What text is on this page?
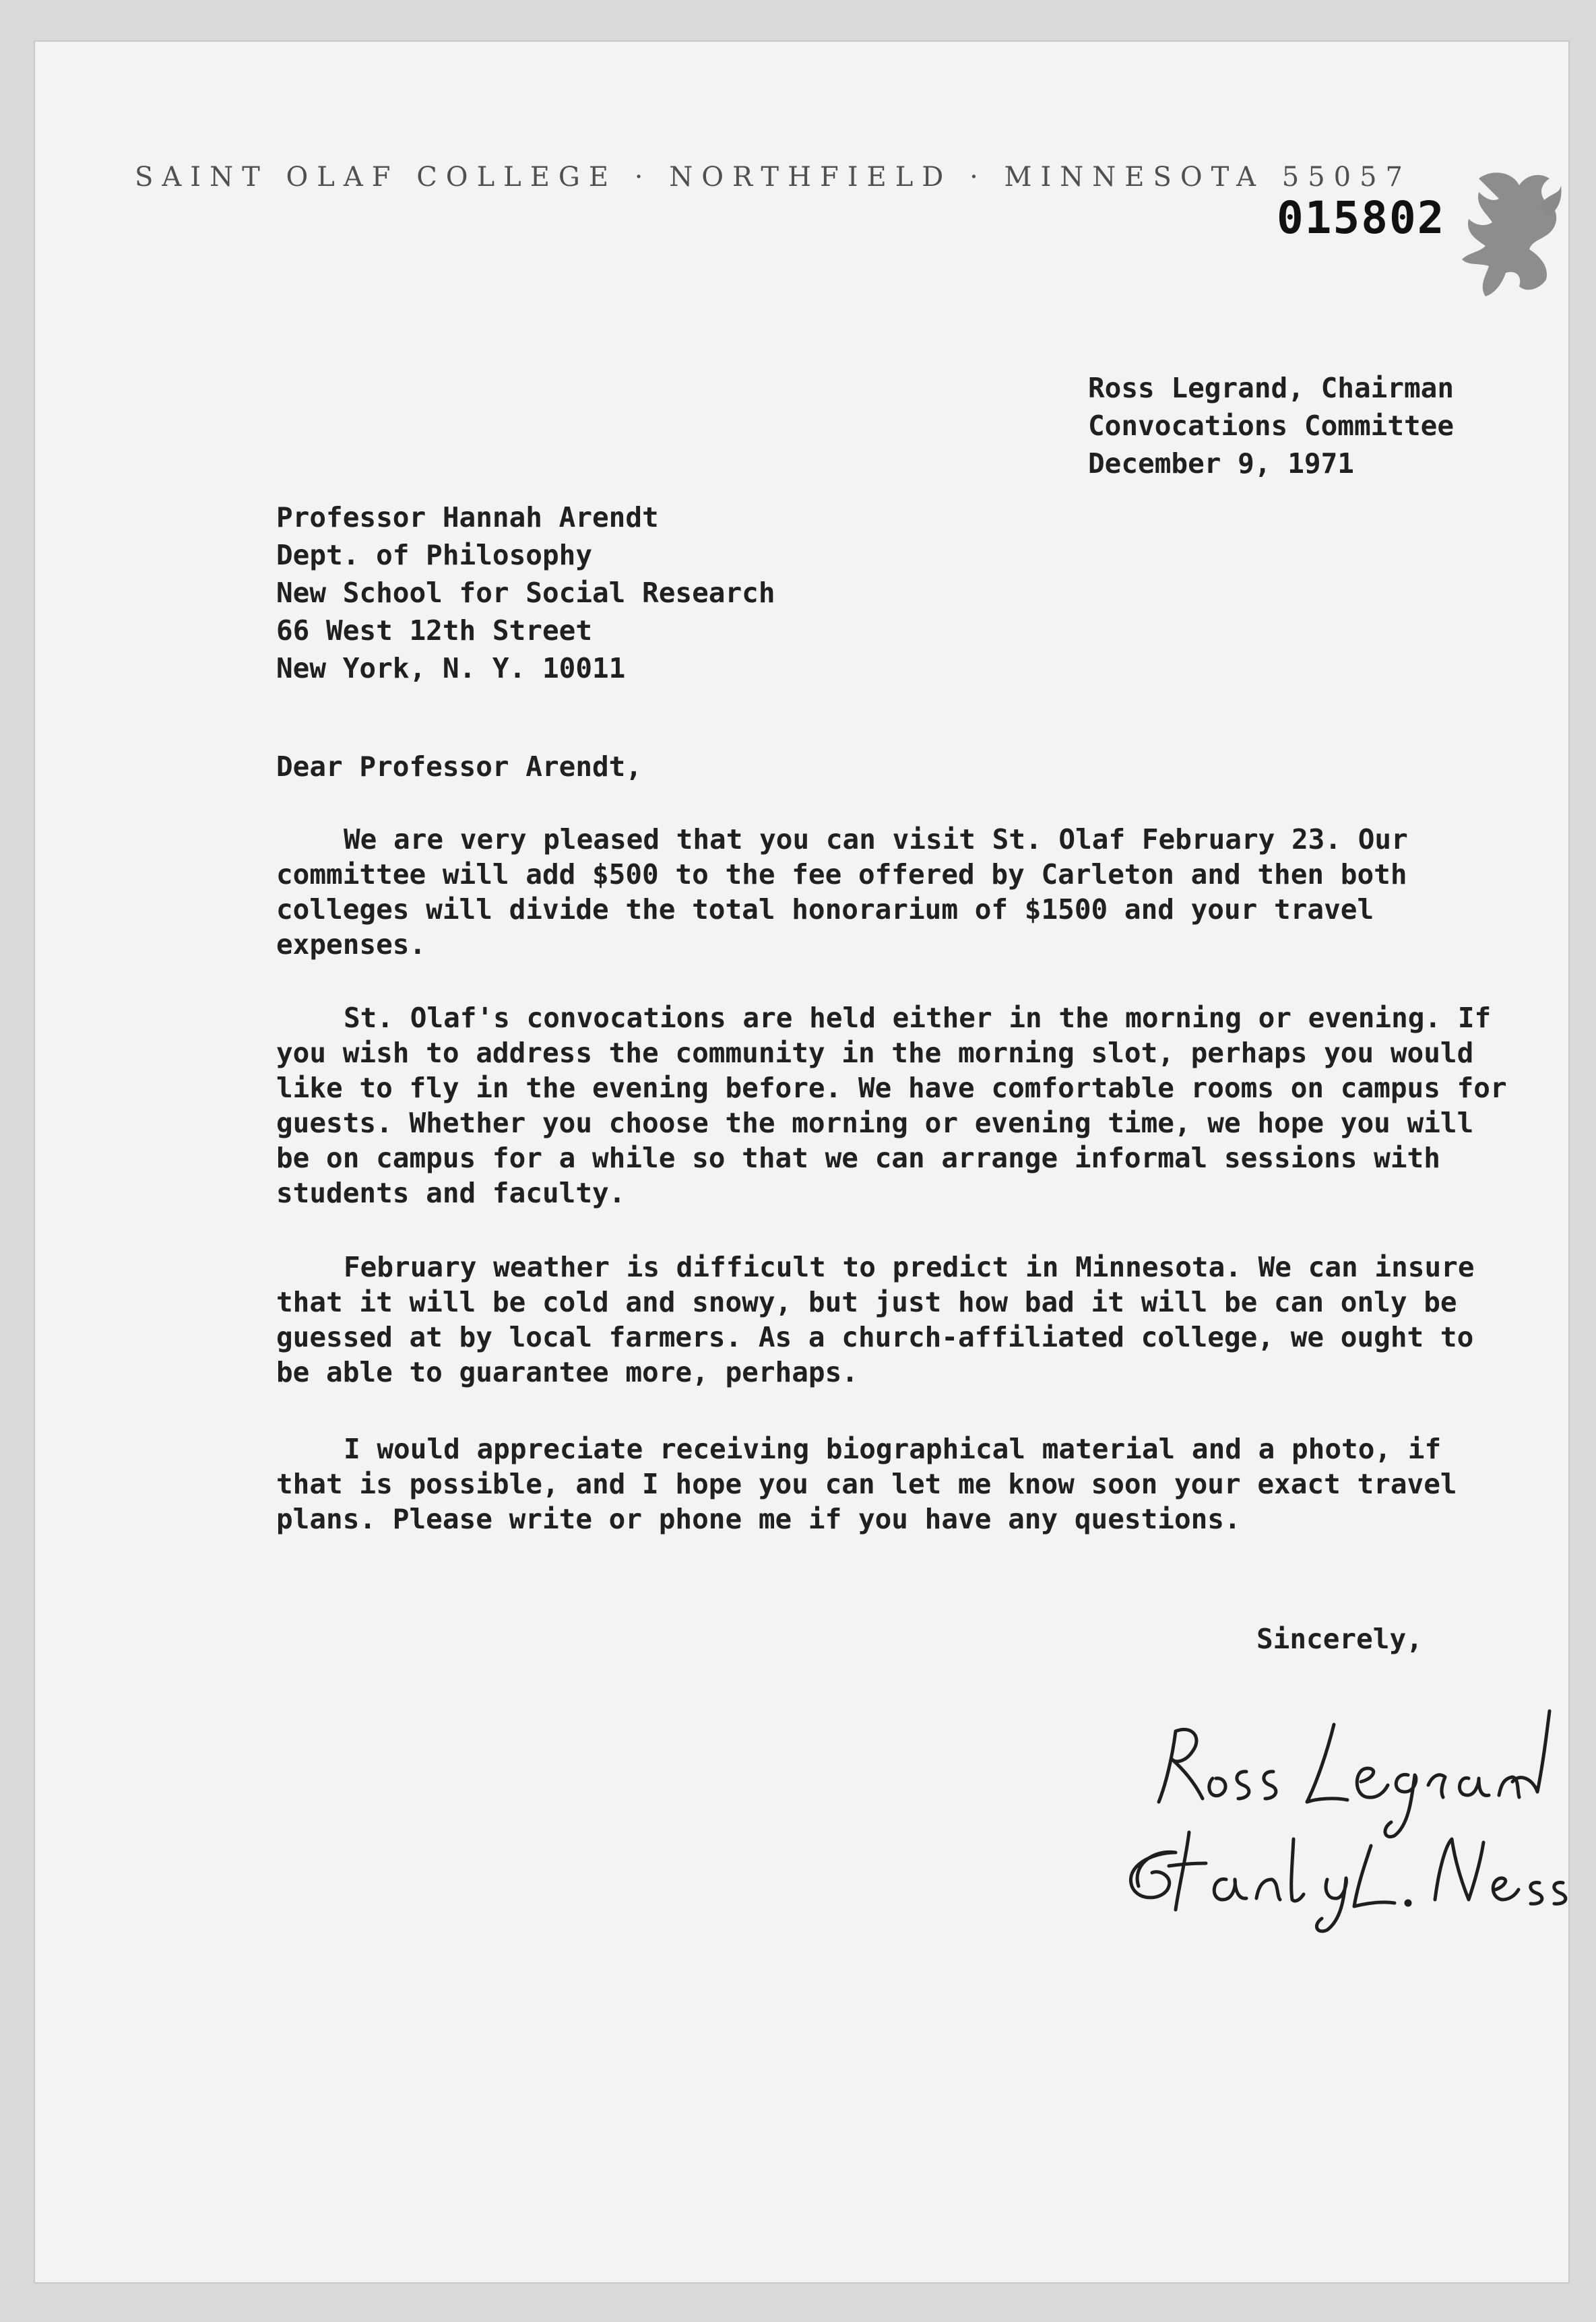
SAINT OLAF COLLEGE · NORTHFIELD · MINNESOTA 55057
015802
Ross Legrand, Chairman
Convocations Committee
December 9, 1971
Professor Hannah Arendt
Dept. of Philosophy
New School for Social Research
66 West 12th Street
New York, N. Y. 10011
Dear Professor Arendt,
We are very pleased that you can visit St. Olaf February 23. Our committee will add $500 to the fee offered by Carleton and then both colleges will divide the total honorarium of $1500 and your travel expenses.
St. Olaf's convocations are held either in the morning or evening. If you wish to address the community in the morning slot, perhaps you would like to fly in the evening before. We have comfortable rooms on campus for guests. Whether you choose the morning or evening time, we hope you will be on campus for a while so that we can arrange informal sessions with students and faculty.
February weather is difficult to predict in Minnesota. We can insure that it will be cold and snowy, but just how bad it will be can only be guessed at by local farmers. As a church-affiliated college, we ought to be able to guarantee more, perhaps.
I would appreciate receiving biographical material and a photo, if that is possible, and I hope you can let me know soon your exact travel plans. Please write or phone me if you have any questions.
Sincerely,
